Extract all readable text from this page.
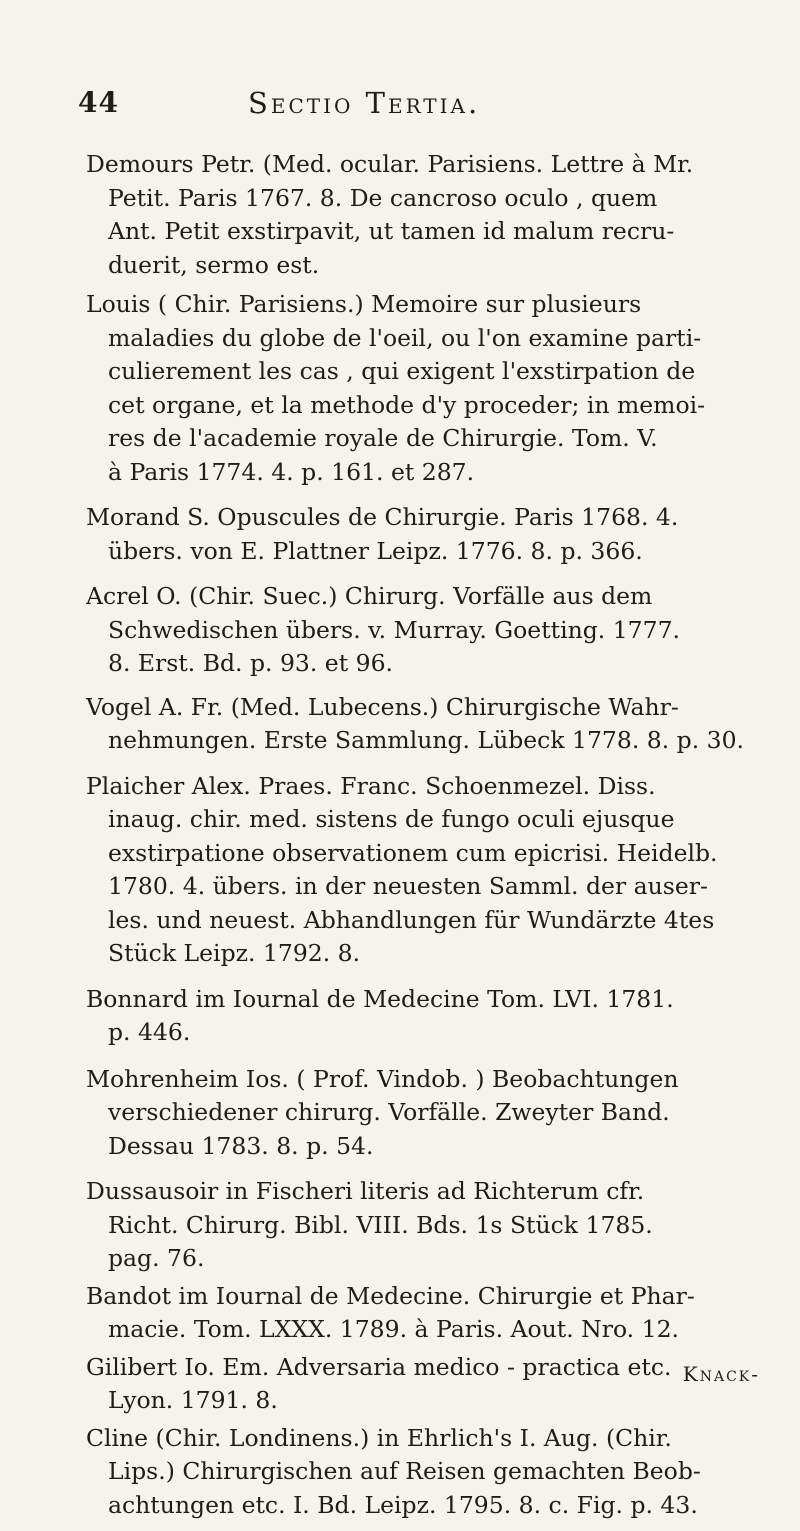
44	Sectio Tertia.
Demours Petr. (Med. ocular. Parisiens. Lettre à Mr.
Petit. Paris 1767. 8. De cancroso oculo , quem
Ant. Petit exstirpavit, ut tamen id malum recru-
duerit, sermo est.
Louis ( Chir. Parisiens.) Memoire sur plusieurs
maladies du globe de l'oeil, ou l'on examine parti-
culierement les cas , qui exigent l'exstirpation de
cet organe, et la methode d'y proceder; in memoi-
res de l'academie royale de Chirurgie. Tom. V.
à Paris 1774. 4. p. 161. et 287.
Morand S. Opuscules de Chirurgie. Paris 1768. 4.
übers. von E. Plattner Leipz. 1776. 8. p. 366.
Acrel O. (Chir. Suec.) Chirurg. Vorfälle aus dem
Schwedischen übers. v. Murray. Goetting. 1777.
8. Erst. Bd. p. 93. et 96.
Vogel A. Fr. (Med. Lubecens.) Chirurgische Wahr-
nehmungen. Erste Sammlung. Lübeck 1778. 8. p. 30.
Plaicher Alex. Praes. Franc. Schoenmezel. Diss.
inaug. chir. med. sistens de fungo oculi ejusque
exstirpatione observationem cum epicrisi. Heidelb.
1780. 4. übers. in der neuesten Samml. der auser-
les. und neuest. Abhandlungen für Wundärzte 4tes
Stück Leipz. 1792. 8.
Bonnard im Iournal de Medecine Tom. LVI. 1781.
p. 446.
Mohrenheim Ios. ( Prof. Vindob. ) Beobachtungen
verschiedener chirurg. Vorfälle. Zweyter Band.
Dessau 1783. 8. p. 54.
Dussausoir in Fischeri literis ad Richterum cfr.
Richt. Chirurg. Bibl. VIII. Bds. 1s Stück 1785.
pag. 76.
Bandot im Iournal de Medecine. Chirurgie et Phar-
macie. Tom. LXXX. 1789. à Paris. Aout. Nro. 12.
Gilibert Io. Em. Adversaria medico - practica etc.
Lyon. 1791. 8.
Cline (Chir. Londinens.) in Ehrlich's I. Aug. (Chir.
Lips.) Chirurgischen auf Reisen gemachten Beob-
achtungen etc. I. Bd. Leipz. 1795. 8. c. Fig. p. 43.
Knack-
